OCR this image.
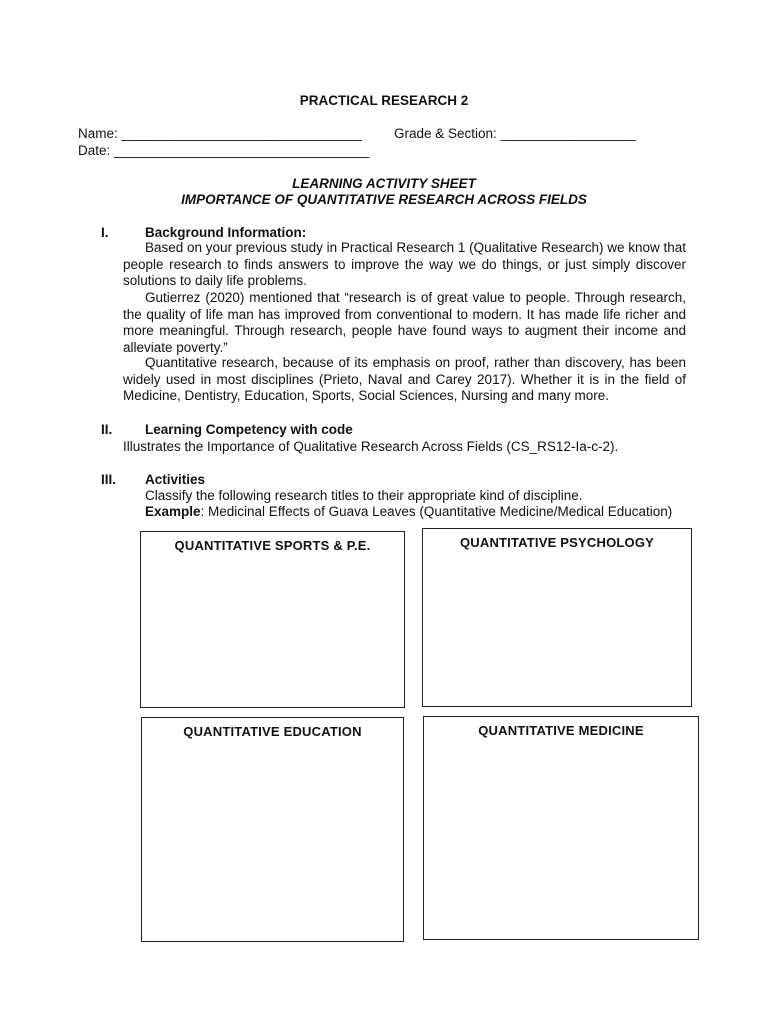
PRACTICAL RESEARCH 2
Name: ________________________________ Grade & Section: __________________
Date: __________________________________
LEARNING ACTIVITY SHEET
IMPORTANCE OF QUANTITATIVE RESEARCH ACROSS FIELDS
I.	Background Information:
Based on your previous study in Practical Research 1 (Qualitative Research) we know that people research to finds answers to improve the way we do things, or just simply discover solutions to daily life problems.
Gutierrez (2020) mentioned that “research is of great value to people. Through research, the quality of life man has improved from conventional to modern. It has made life richer and more meaningful. Through research, people have found ways to augment their income and alleviate poverty.”
Quantitative research, because of its emphasis on proof, rather than discovery, has been widely used in most disciplines (Prieto, Naval and Carey 2017). Whether it is in the field of Medicine, Dentistry, Education, Sports, Social Sciences, Nursing and many more.
II. Learning Competency with code
Illustrates the Importance of Qualitative Research Across Fields (CS_RS12-Ia-c-2).
III. Activities
Classify the following research titles to their appropriate kind of discipline.
Example: Medicinal Effects of Guava Leaves (Quantitative Medicine/Medical Education)
QUANTITATIVE SPORTS & P.E.	QUANTITATIVE PSYCHOLOGY
QUANTITATIVE EDUCATION	QUANTITATIVE MEDICINE
